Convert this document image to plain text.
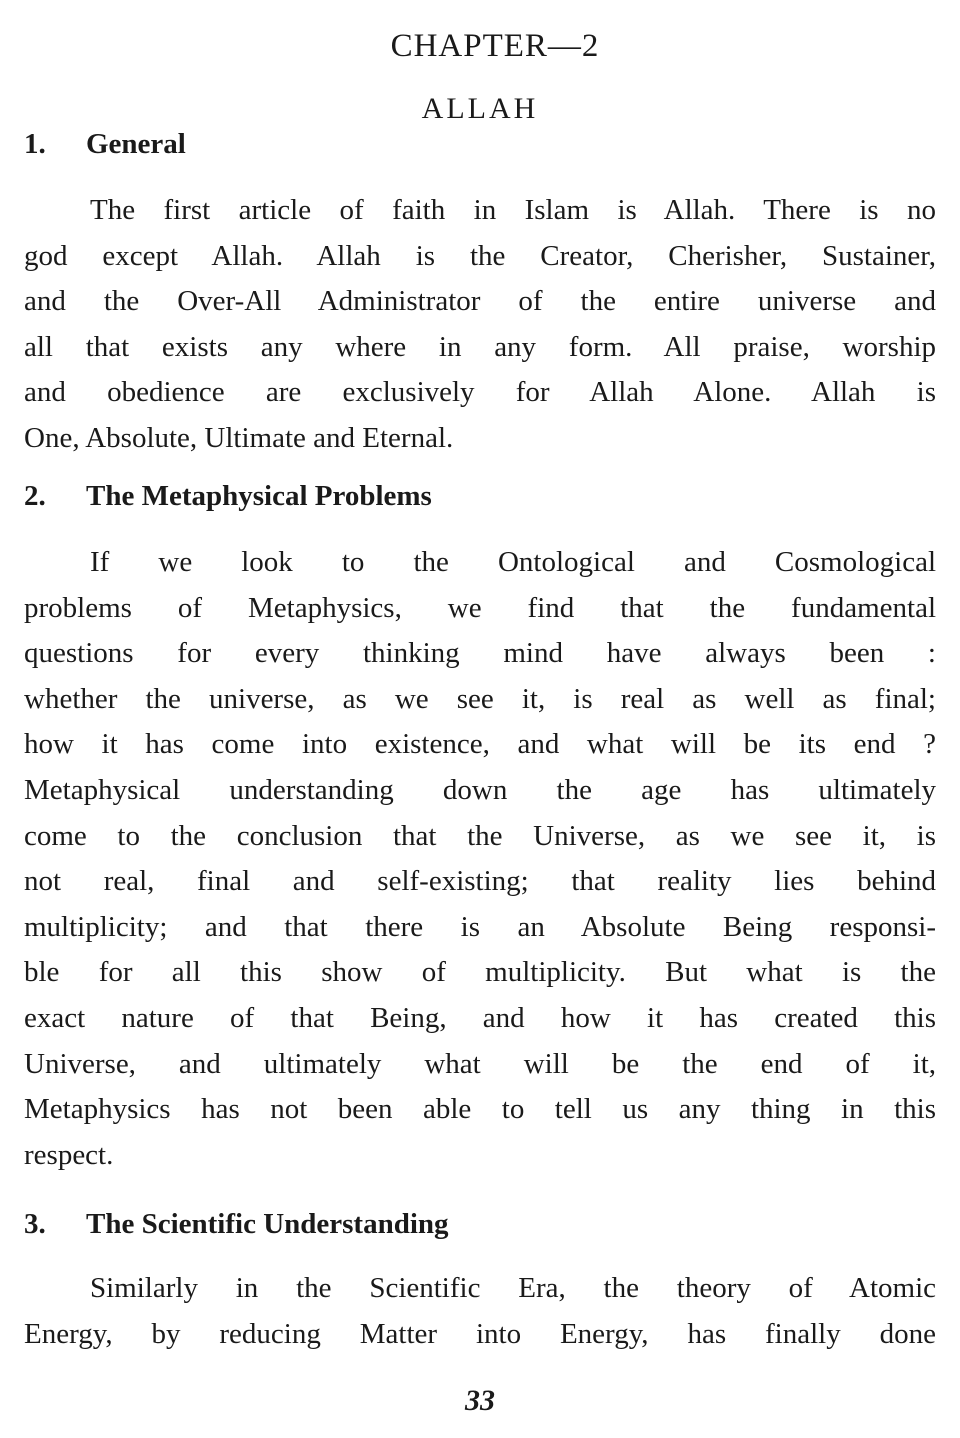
CHAPTER—2
ALLAH
1. General
The first article of faith in Islam is Allah. There is no
god except Allah. Allah is the Creator, Cherisher, Sustainer,
and the Over-All Administrator of the entire universe and
all that exists any where in any form. All praise, worship
and obedience are exclusively for Allah Alone. Allah is
One, Absolute, Ultimate and Eternal.
2. The Metaphysical Problems
If we look to the Ontological and Cosmological
problems of Metaphysics, we find that the fundamental
questions for every thinking mind have always been :
whether the universe, as we see it, is real as well as final;
how it has come into existence, and what will be its end ?
Metaphysical understanding down the age has ultimately
come to the conclusion that the Universe, as we see it, is
not real, final and self-existing; that reality lies behind
multiplicity; and that there is an Absolute Being responsi-
ble for all this show of multiplicity. But what is the
exact nature of that Being, and how it has created this
Universe, and ultimately what will be the end of it,
Metaphysics has not been able to tell us any thing in this
respect.
3. The Scientific Understanding
Similarly in the Scientific Era, the theory of Atomic
Energy, by reducing Matter into Energy, has finally done
33
